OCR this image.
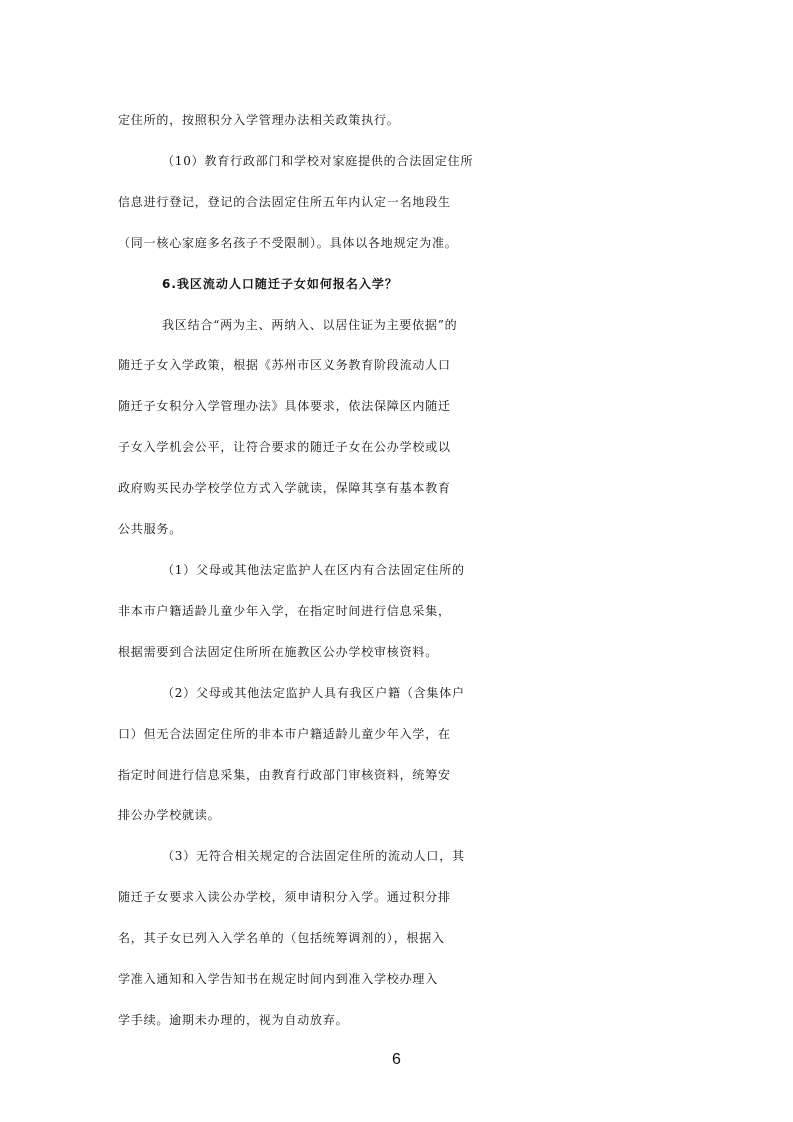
定住所的，按照积分入学管理办法相关政策执行。
（10）教育行政部门和学校对家庭提供的合法固定住所
信息进行登记，登记的合法固定住所五年内认定一名地段生
（同一核心家庭多名孩子不受限制）。具体以各地规定为准。
6.我区流动人口随迁子女如何报名入学？
我区结合“两为主、两纳入、以居住证为主要依据”的
随迁子女入学政策，根据《苏州市区义务教育阶段流动人口
随迁子女积分入学管理办法》具体要求，依法保障区内随迁
子女入学机会公平，让符合要求的随迁子女在公办学校或以
政府购买民办学校学位方式入学就读，保障其享有基本教育
公共服务。
（1）父母或其他法定监护人在区内有合法固定住所的
非本市户籍适龄儿童少年入学，在指定时间进行信息采集，
根据需要到合法固定住所所在施教区公办学校审核资料。
（2）父母或其他法定监护人具有我区户籍（含集体户
口）但无合法固定住所的非本市户籍适龄儿童少年入学，在
指定时间进行信息采集，由教育行政部门审核资料，统筹安
排公办学校就读。
（3）无符合相关规定的合法固定住所的流动人口，其
随迁子女要求入读公办学校，须申请积分入学。通过积分排
名，其子女已列入入学名单的（包括统筹调剂的），根据入
学准入通知和入学告知书在规定时间内到准入学校办理入
学手续。逾期未办理的，视为自动放弃。
6
